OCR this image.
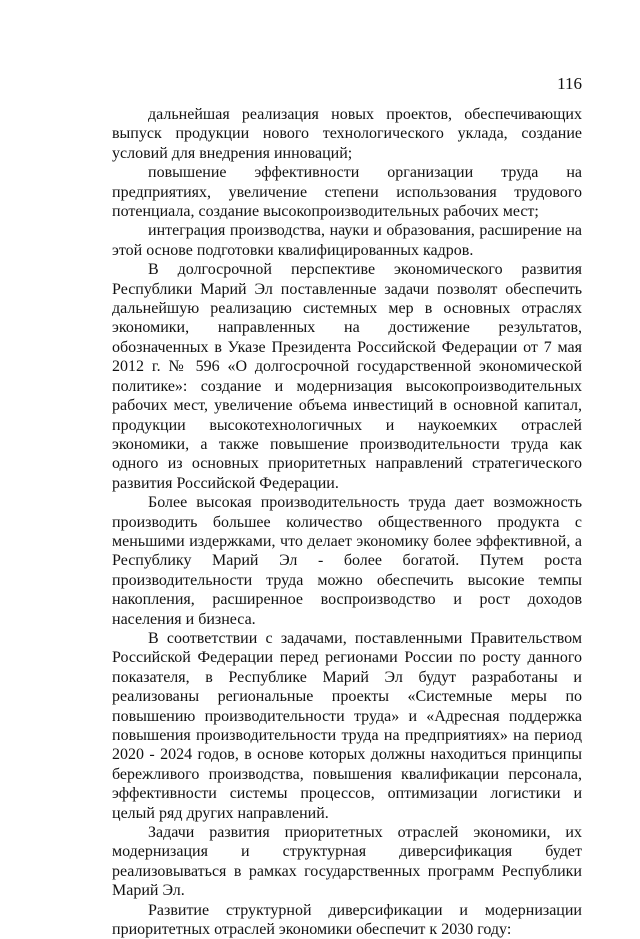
116

дальнейшая реализация новых проектов, обеспечивающих выпуск продукции нового технологического уклада, создание условий для внедрения инноваций;

повышение эффективности организации труда на предприятиях, увеличение степени использования трудового потенциала, создание высокопроизводительных рабочих мест;

интеграция производства, науки и образования, расширение на этой основе подготовки квалифицированных кадров.

В долгосрочной перспективе экономического развития Республики Марий Эл поставленные задачи позволят обеспечить дальнейшую реализацию системных мер в основных отраслях экономики, направленных на достижение результатов, обозначенных в Указе Президента Российской Федерации от 7 мая 2012 г. № 596 «О долгосрочной государственной экономической политике»: создание и модернизация высокопроизводительных рабочих мест, увеличение объема инвестиций в основной капитал, продукции высокотехнологичных и наукоемких отраслей экономики, а также повышение производительности труда как одного из основных приоритетных направлений стратегического развития Российской Федерации.

Более высокая производительность труда дает возможность производить большее количество общественного продукта с меньшими издержками, что делает экономику более эффективной, а Республику Марий Эл - более богатой. Путем роста производительности труда можно обеспечить высокие темпы накопления, расширенное воспроизводство и рост доходов населения и бизнеса.

В соответствии с задачами, поставленными Правительством Российской Федерации перед регионами России по росту данного показателя, в Республике Марий Эл будут разработаны и реализованы региональные проекты «Системные меры по повышению производительности труда» и «Адресная поддержка повышения производительности труда на предприятиях» на период 2020 - 2024 годов, в основе которых должны находиться принципы бережливого производства, повышения квалификации персонала, эффективности системы процессов, оптимизации логистики и целый ряд других направлений.

Задачи развития приоритетных отраслей экономики, их модернизация и структурная диверсификация будет реализовываться в рамках государственных программ Республики Марий Эл.

Развитие структурной диверсификации и модернизации приоритетных отраслей экономики обеспечит к 2030 году:
